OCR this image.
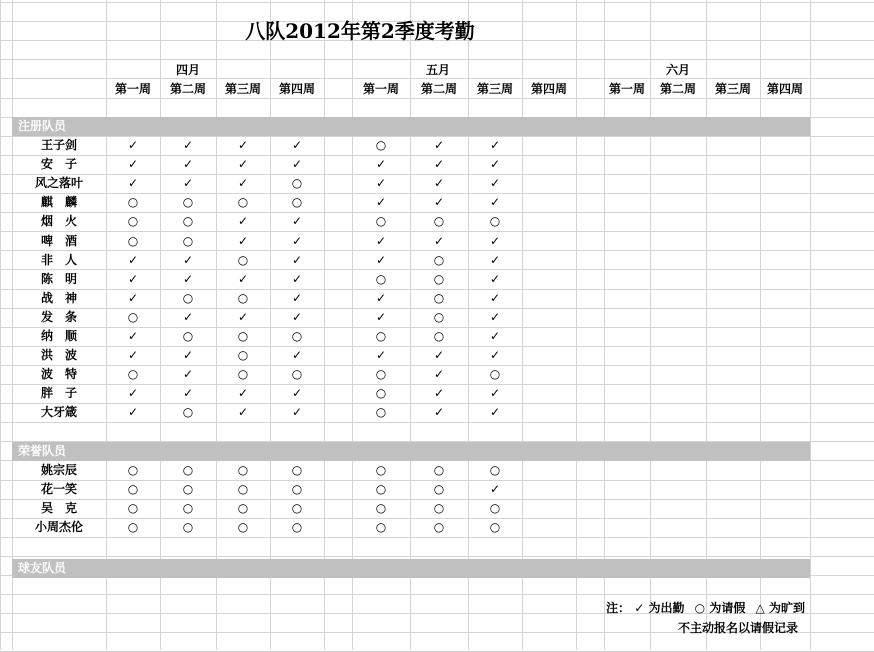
八队2012年第2季度考勤
四月	五月	六月
第一周	第二周	第三周	第四周	第一周	第二周	第三周	第四周	第一周	第二周	第三周	第四周
注册队员
王子剑	✓	✓	✓	✓	○	✓	✓
安　子	✓	✓	✓	✓	✓	✓	✓
风之落叶	✓	✓	✓	○	✓	✓	✓
麒　麟	○	○	○	○	✓	✓	✓
烟　火	○	○	✓	✓	○	○	○
啤　酒	○	○	✓	✓	✓	✓	✓
非　人	✓	✓	○	✓	✓	○	✓
陈　明	✓	✓	✓	✓	○	○	✓
战　神	✓	○	○	✓	✓	○	✓
发　条	○	✓	✓	✓	✓	○	✓
纳　顺	✓	○	○	○	○	○	✓
洪　波	✓	✓	○	✓	✓	✓	✓
波　特	○	✓	○	○	○	✓	○
胖　子	✓	✓	✓	✓	○	✓	✓
大牙箴	✓	○	✓	✓	○	✓	✓
荣誉队员
姚宗辰	○	○	○	○	○	○	○
花一笑	○	○	○	○	○	○	✓
吴　克	○	○	○	○	○	○	○
小周杰伦	○	○	○	○	○	○	○
球友队员
注： ✓ 为出勤 ○ 为请假 △ 为旷到
不主动报名以请假记录
